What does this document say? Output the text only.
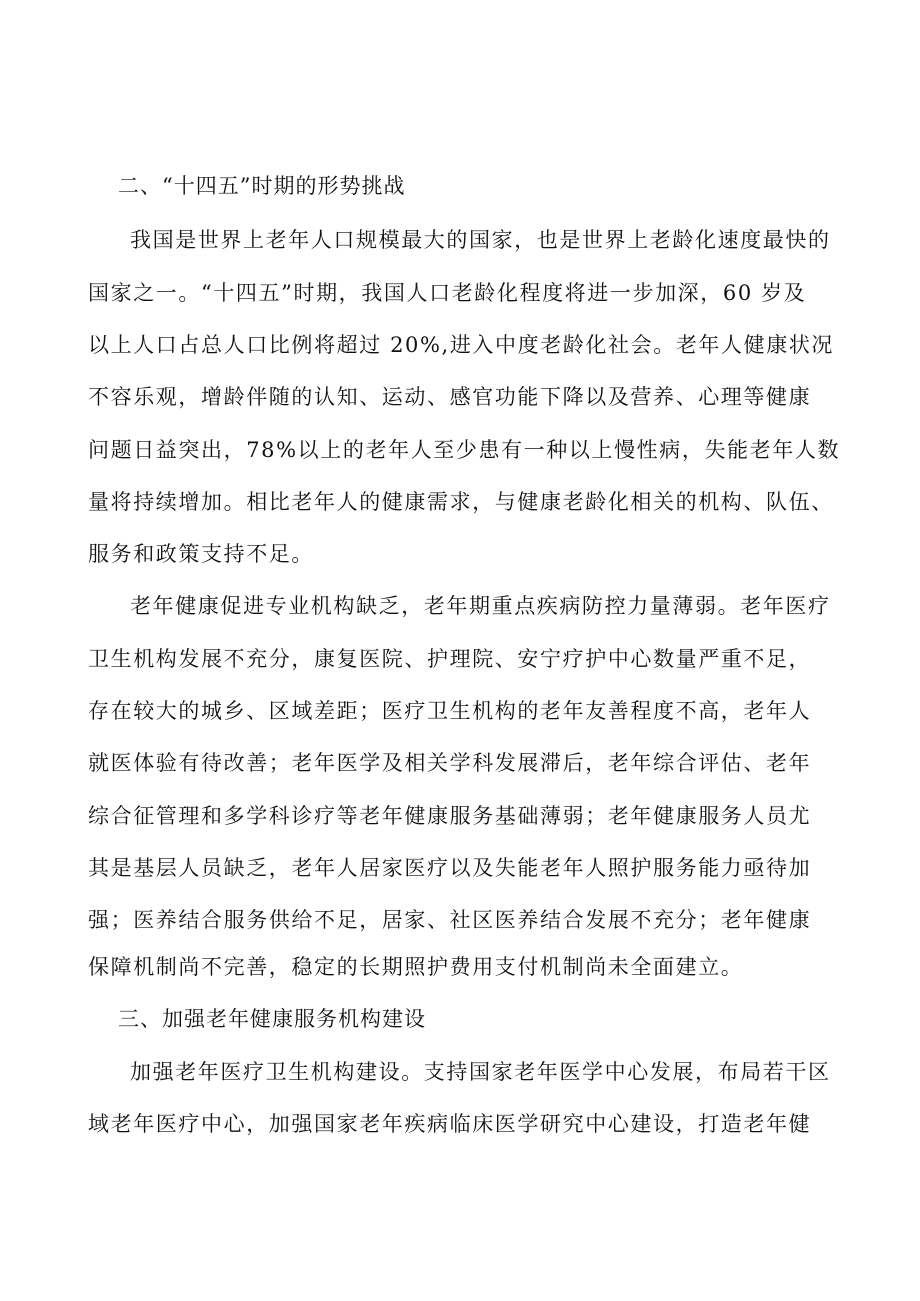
二、“十四五”时期的形势挑战
我国是世界上老年人口规模最大的国家，也是世界上老龄化速度最快的
国家之一。“十四五”时期，我国人口老龄化程度将进一步加深，60 岁及
以上人口占总人口比例将超过 20%,进入中度老龄化社会。老年人健康状况
不容乐观，增龄伴随的认知、运动、感官功能下降以及营养、心理等健康
问题日益突出，78%以上的老年人至少患有一种以上慢性病，失能老年人数
量将持续增加。相比老年人的健康需求，与健康老龄化相关的机构、队伍、
服务和政策支持不足。
老年健康促进专业机构缺乏，老年期重点疾病防控力量薄弱。老年医疗
卫生机构发展不充分，康复医院、护理院、安宁疗护中心数量严重不足，
存在较大的城乡、区域差距；医疗卫生机构的老年友善程度不高，老年人
就医体验有待改善；老年医学及相关学科发展滞后，老年综合评估、老年
综合征管理和多学科诊疗等老年健康服务基础薄弱；老年健康服务人员尤
其是基层人员缺乏，老年人居家医疗以及失能老年人照护服务能力亟待加
强；医养结合服务供给不足，居家、社区医养结合发展不充分；老年健康
保障机制尚不完善，稳定的长期照护费用支付机制尚未全面建立。
三、加强老年健康服务机构建设
加强老年医疗卫生机构建设。支持国家老年医学中心发展，布局若干区
域老年医疗中心，加强国家老年疾病临床医学研究中心建设，打造老年健
